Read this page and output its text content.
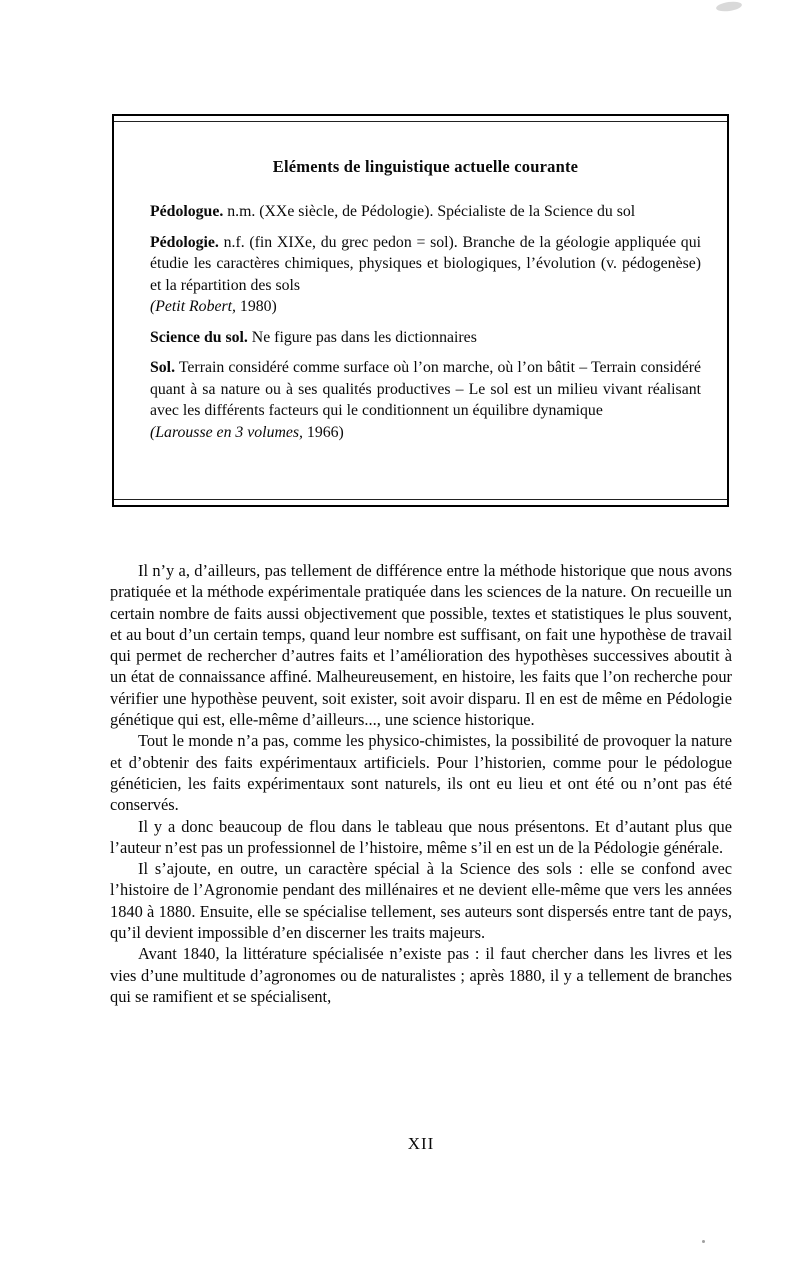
Eléments de linguistique actuelle courante

Pédologue. n.m. (XXe siècle, de Pédologie). Spécialiste de la Science du sol

Pédologie. n.f. (fin XIXe, du grec pedon = sol). Branche de la géologie appliquée qui étudie les caractères chimiques, physiques et biologiques, l’évolution (v. pédogenèse) et la répartition des sols
(Petit Robert, 1980)

Science du sol. Ne figure pas dans les dictionnaires

Sol. Terrain considéré comme surface où l’on marche, où l’on bâtit – Terrain considéré quant à sa nature ou à ses qualités productives – Le sol est un milieu vivant réalisant avec les différents facteurs qui le conditionnent un équilibre dynamique
(Larousse en 3 volumes, 1966)

Il n’y a, d’ailleurs, pas tellement de différence entre la méthode historique que nous avons pratiquée et la méthode expérimentale pratiquée dans les sciences de la nature. On recueille un certain nombre de faits aussi objectivement que possible, textes et statistiques le plus souvent, et au bout d’un certain temps, quand leur nombre est suffisant, on fait une hypothèse de travail qui permet de rechercher d’autres faits et l’amélioration des hypothèses successives aboutit à un état de connaissance affiné. Malheureusement, en histoire, les faits que l’on recherche pour vérifier une hypothèse peuvent, soit exister, soit avoir disparu. Il en est de même en Pédologie génétique qui est, elle-même d’ailleurs..., une science historique.

Tout le monde n’a pas, comme les physico-chimistes, la possibilité de provoquer la nature et d’obtenir des faits expérimentaux artificiels. Pour l’historien, comme pour le pédologue généticien, les faits expérimentaux sont naturels, ils ont eu lieu et ont été ou n’ont pas été conservés.

Il y a donc beaucoup de flou dans le tableau que nous présentons. Et d’autant plus que l’auteur n’est pas un professionnel de l’histoire, même s’il en est un de la Pédologie générale.

Il s’ajoute, en outre, un caractère spécial à la Science des sols : elle se confond avec l’histoire de l’Agronomie pendant des millénaires et ne devient elle-même que vers les années 1840 à 1880. Ensuite, elle se spécialise tellement, ses auteurs sont dispersés entre tant de pays, qu’il devient impossible d’en discerner les traits majeurs.

Avant 1840, la littérature spécialisée n’existe pas : il faut chercher dans les livres et les vies d’une multitude d’agronomes ou de naturalistes ; après 1880, il y a tellement de branches qui se ramifient et se spécialisent,

XII
